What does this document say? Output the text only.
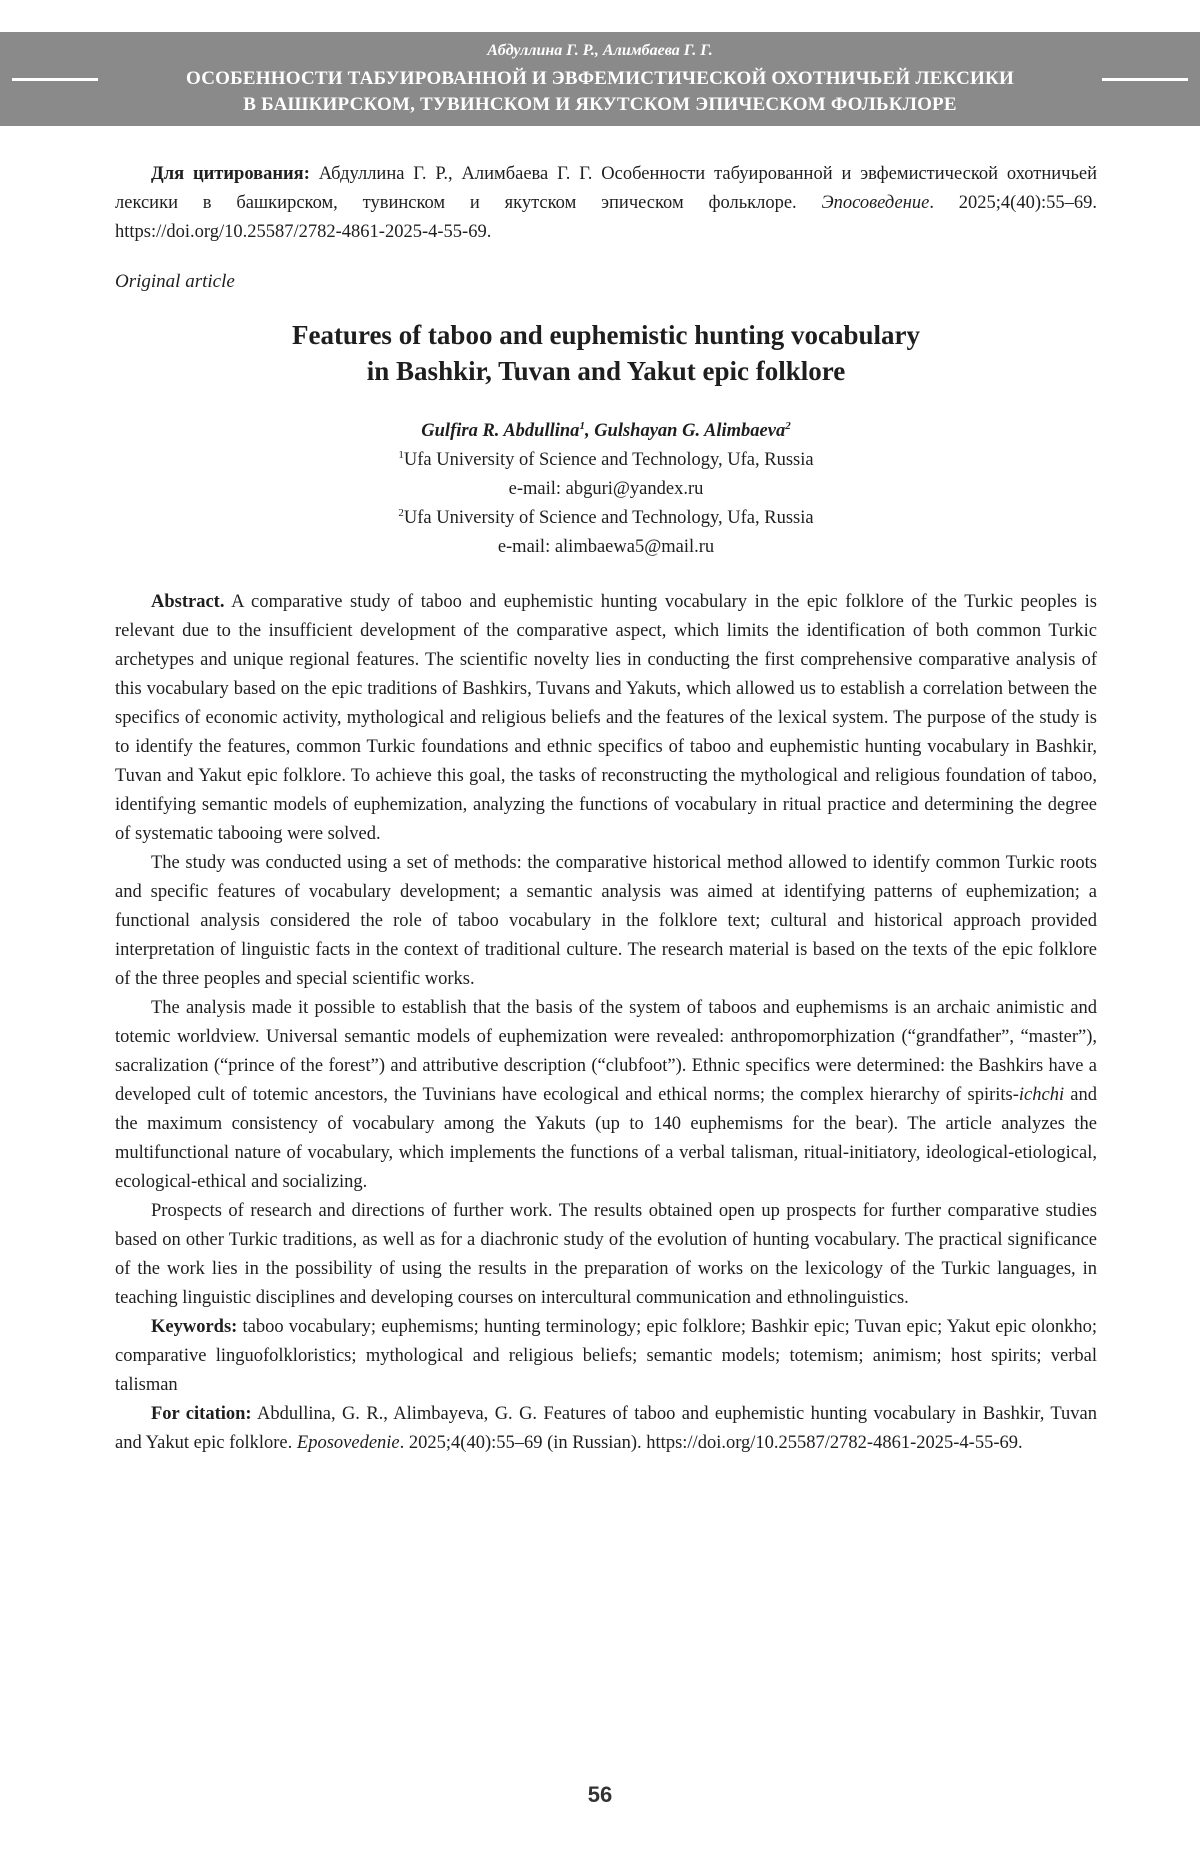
Абдуллина Г. Р., Алимбаева Г. Г.
ОСОБЕННОСТИ ТАБУИРОВАННОЙ И ЭВФЕМИСТИЧЕСКОЙ ОХОТНИЧЬЕЙ ЛЕКСИКИ
В БАШКИРСКОМ, ТУВИНСКОМ И ЯКУТСКОМ ЭПИЧЕСКОМ ФОЛЬКЛОРЕ

Для цитирования: Абдуллина Г. Р., Алимбаева Г. Г. Особенности табуированной и эвфемистической охотничьей лексики в башкирском, тувинском и якутском эпическом фольклоре. Эпосоведение. 2025;4(40):55–69. https://doi.org/10.25587/2782-4861-2025-4-55-69.

Original article

Features of taboo and euphemistic hunting vocabulary
in Bashkir, Tuvan and Yakut epic folklore
Gulfira R. Abdullina$^1$, Gulshayan G. Alimbaeva$^2$
$^1$Ufa University of Science and Technology, Ufa, Russia
e-mail: abguri@yandex.ru
$^2$Ufa University of Science and Technology, Ufa, Russia
e-mail: alimbaewa5@mail.ru

Abstract. A comparative study of taboo and euphemistic hunting vocabulary in the epic folklore of the Turkic peoples is relevant due to the insufficient development of the comparative aspect, which limits the identification of both common Turkic archetypes and unique regional features. The scientific novelty lies in conducting the first comprehensive comparative analysis of this vocabulary based on the epic traditions of Bashkirs, Tuvans and Yakuts, which allowed us to establish a correlation between the specifics of economic activity, mythological and religious beliefs and the features of the lexical system. The purpose of the study is to identify the features, common Turkic foundations and ethnic specifics of taboo and euphemistic hunting vocabulary in Bashkir, Tuvan and Yakut epic folklore. To achieve this goal, the tasks of reconstructing the mythological and religious foundation of taboo, identifying semantic models of euphemization, analyzing the functions of vocabulary in ritual practice and determining the degree of systematic tabooing were solved.

The study was conducted using a set of methods: the comparative historical method allowed to identify common Turkic roots and specific features of vocabulary development; a semantic analysis was aimed at identifying patterns of euphemization; a functional analysis considered the role of taboo vocabulary in the folklore text; cultural and historical approach provided interpretation of linguistic facts in the context of traditional culture. The research material is based on the texts of the epic folklore of the three peoples and special scientific works.

The analysis made it possible to establish that the basis of the system of taboos and euphemisms is an archaic animistic and totemic worldview. Universal semantic models of euphemization were revealed: anthropomorphization (“grandfather”, “master”), sacralization (“prince of the forest”) and attributive description (“clubfoot”). Ethnic specifics were determined: the Bashkirs have a developed cult of totemic ancestors, the Tuvinians have ecological and ethical norms; the complex hierarchy of spirits-ichchi and the maximum consistency of vocabulary among the Yakuts (up to 140 euphemisms for the bear). The article analyzes the multifunctional nature of vocabulary, which implements the functions of a verbal talisman, ritual-initiatory, ideological-etiological, ecological-ethical and socializing.

Prospects of research and directions of further work. The results obtained open up prospects for further comparative studies based on other Turkic traditions, as well as for a diachronic study of the evolution of hunting vocabulary. The practical significance of the work lies in the possibility of using the results in the preparation of works on the lexicology of the Turkic languages, in teaching linguistic disciplines and developing courses on intercultural communication and ethnolinguistics.

Keywords: taboo vocabulary; euphemisms; hunting terminology; epic folklore; Bashkir epic; Tuvan epic; Yakut epic olonkho; comparative linguofolkloristics; mythological and religious beliefs; semantic models; totemism; animism; host spirits; verbal talisman

For citation: Abdullina, G. R., Alimbayeva, G. G. Features of taboo and euphemistic hunting vocabulary in Bashkir, Tuvan and Yakut epic folklore. Eposovedenie. 2025;4(40):55–69 (in Russian). https://doi.org/10.25587/2782-4861-2025-4-55-69.

56
